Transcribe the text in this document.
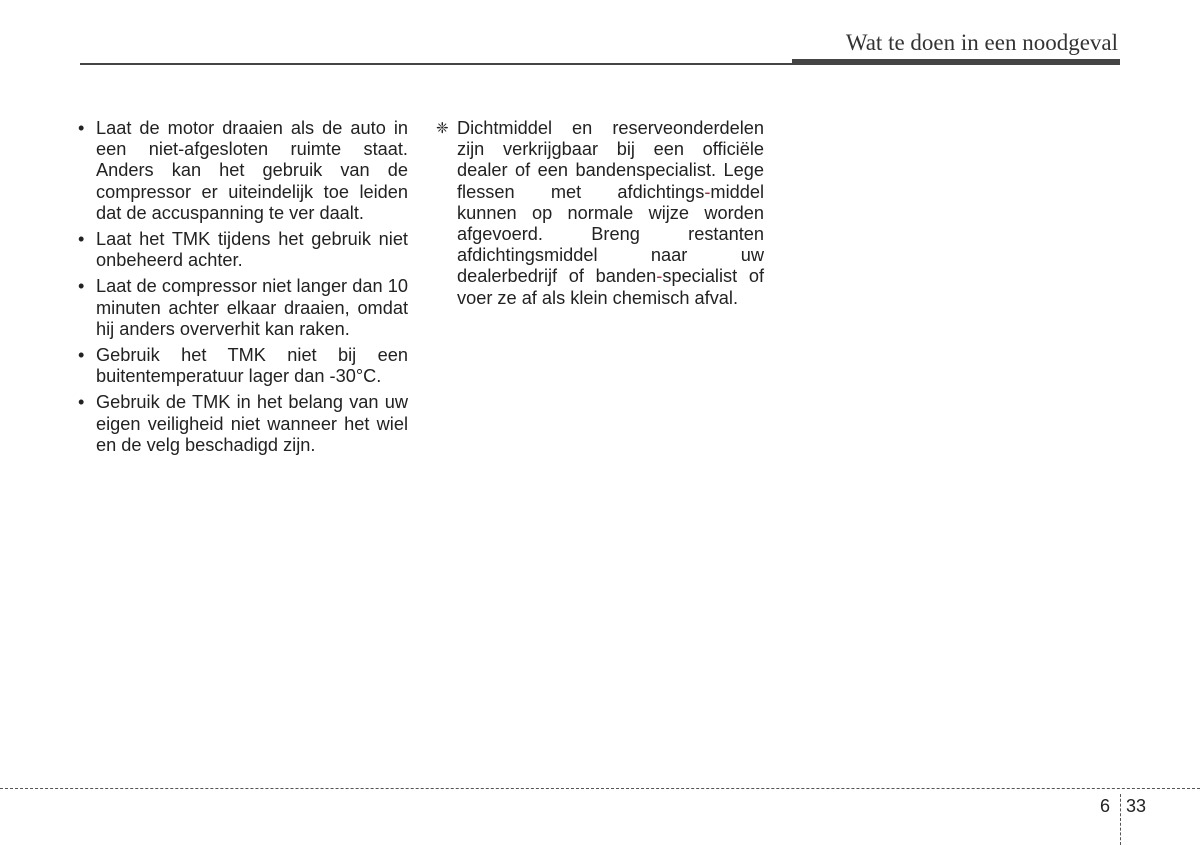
Wat te doen in een noodgeval
• Laat de motor draaien als de auto in een niet-afgesloten ruimte staat. Anders kan het gebruik van de compressor er uiteindelijk toe leiden dat de accuspanning te ver daalt.
• Laat het TMK tijdens het gebruik niet onbeheerd achter.
• Laat de compressor niet langer dan 10 minuten achter elkaar draaien, omdat hij anders oververhit kan raken.
• Gebruik het TMK niet bij een buitentemperatuur lager dan -30°C.
• Gebruik de TMK in het belang van uw eigen veiligheid niet wanneer het wiel en de velg beschadigd zijn.
❈ Dichtmiddel en reserveonderdelen zijn verkrijgbaar bij een officiële dealer of een bandenspecialist. Lege flessen met afdichtings-middel kunnen op normale wijze worden afgevoerd. Breng restanten afdichtingsmiddel naar uw dealerbedrijf of banden-specialist of voer ze af als klein chemisch afval.
6 33
